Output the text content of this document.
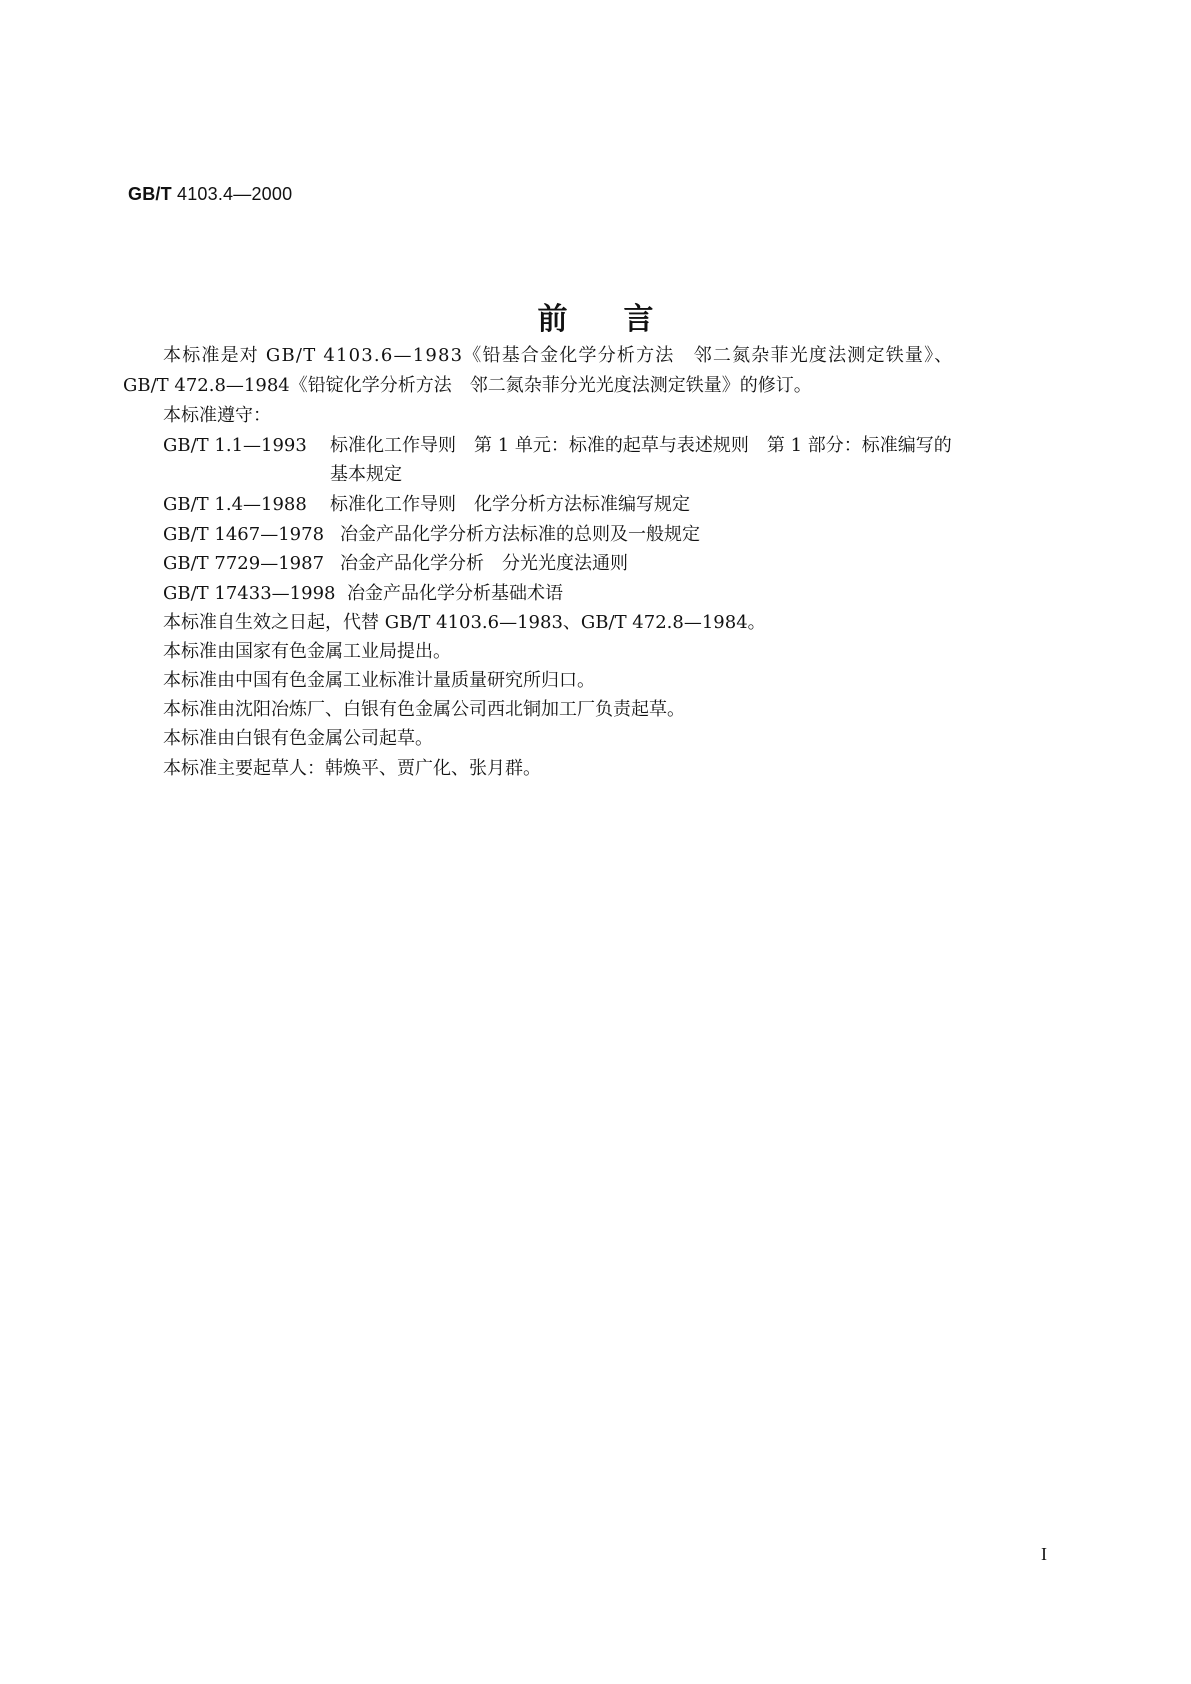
GB/T 4103.4—2000
前言
本标准是对 GB/T 4103.6—1983《铅基合金化学分析方法　邻二氮杂菲光度法测定铁量》、
GB/T 472.8—1984《铅锭化学分析方法　邻二氮杂菲分光光度法测定铁量》的修订。
本标准遵守：
GB/T 1.1—1993 标准化工作导则　第 1 单元：标准的起草与表述规则　第 1 部分：标准编写的
基本规定
GB/T 1.4—1988 标准化工作导则　化学分析方法标准编写规定
GB/T 1467—1978 冶金产品化学分析方法标准的总则及一般规定
GB/T 7729—1987 冶金产品化学分析　分光光度法通则
GB/T 17433—1998 冶金产品化学分析基础术语
本标准自生效之日起，代替 GB/T 4103.6—1983、GB/T 472.8—1984。
本标准由国家有色金属工业局提出。
本标准由中国有色金属工业标准计量质量研究所归口。
本标准由沈阳冶炼厂、白银有色金属公司西北铜加工厂负责起草。
本标准由白银有色金属公司起草。
本标准主要起草人：韩焕平、贾广化、张月群。
I
